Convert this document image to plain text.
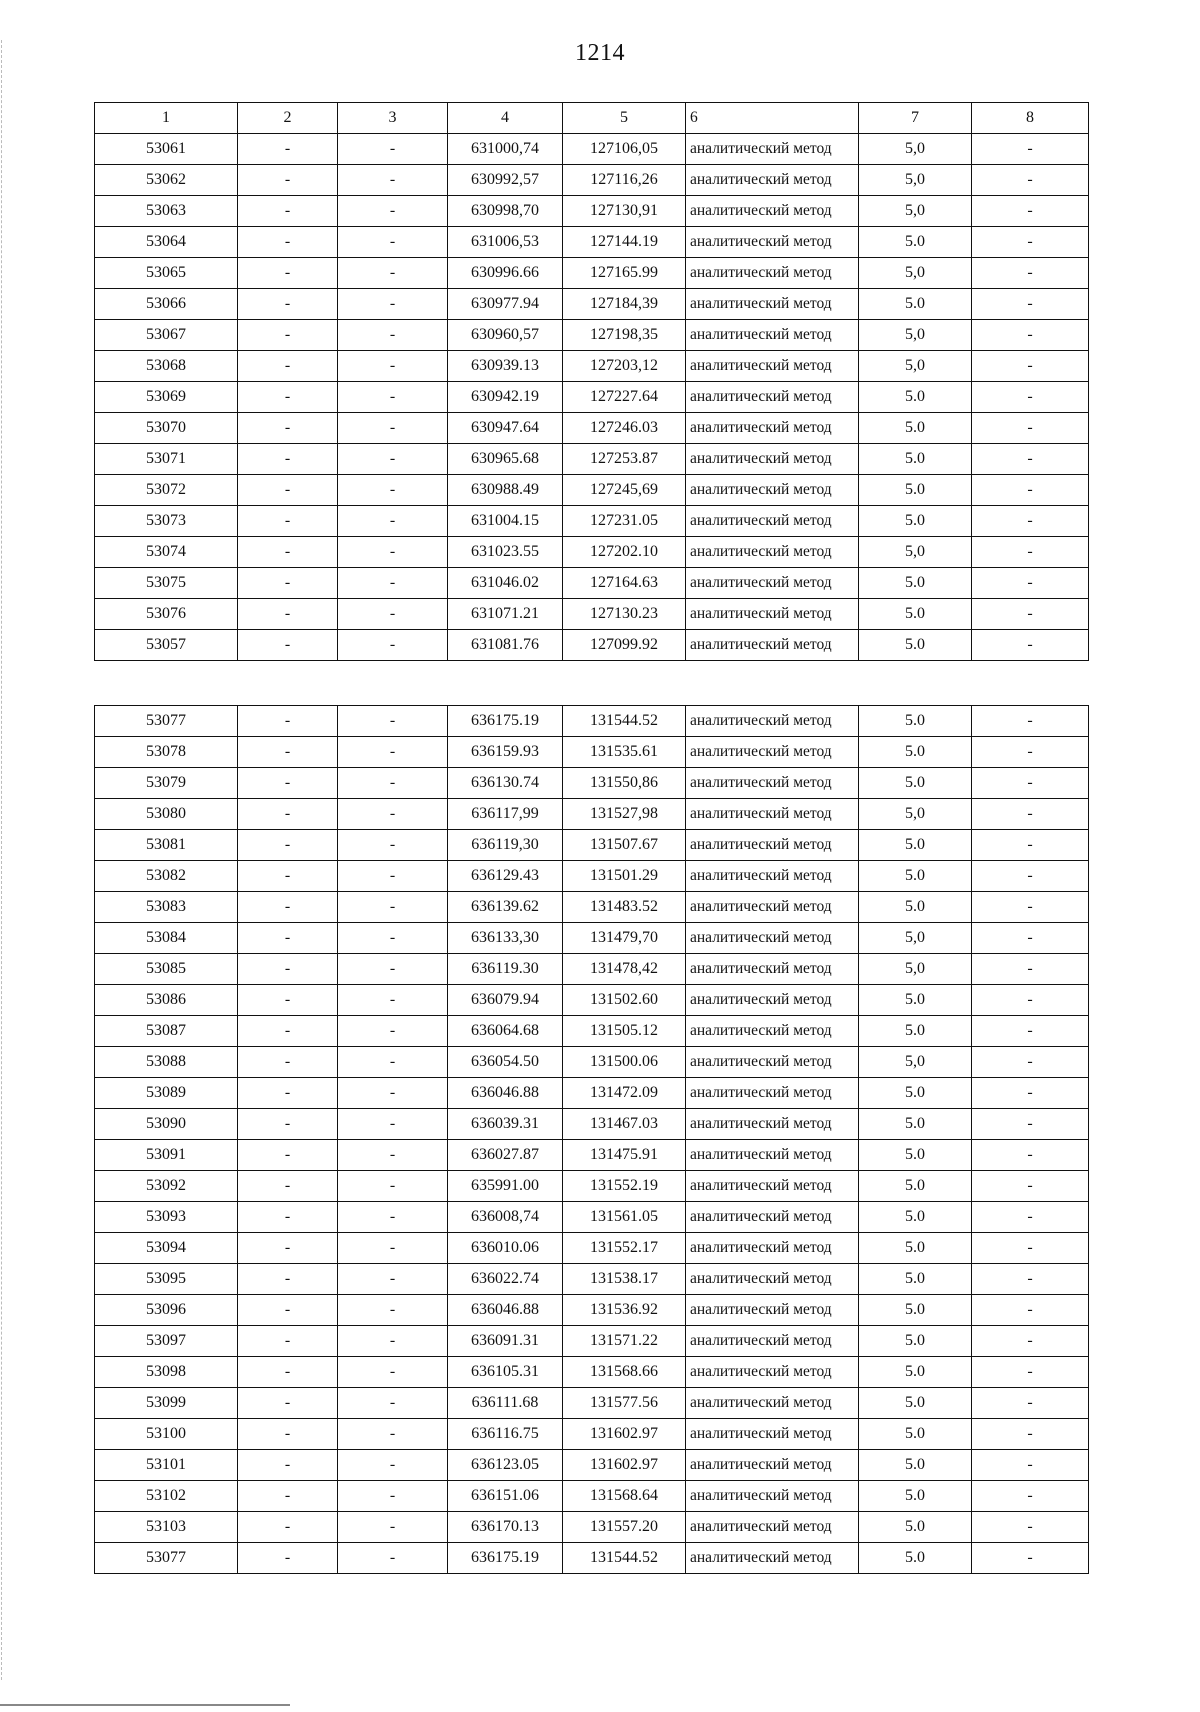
1214
1	2	3	4	5	6	7	8
53061	-	-	631000,74	127106,05	аналитический метод	5,0	-
53062	-	-	630992,57	127116,26	аналитический метод	5,0	-
53063	-	-	630998,70	127130,91	аналитический метод	5,0	-
53064	-	-	631006,53	127144.19	аналитический метод	5.0	-
53065	-	-	630996.66	127165.99	аналитический метод	5,0	-
53066	-	-	630977.94	127184,39	аналитический метод	5.0	-
53067	-	-	630960,57	127198,35	аналитический метод	5,0	-
53068	-	-	630939.13	127203,12	аналитический метод	5,0	-
53069	-	-	630942.19	127227.64	аналитический метод	5.0	-
53070	-	-	630947.64	127246.03	аналитический метод	5.0	-
53071	-	-	630965.68	127253.87	аналитический метод	5.0	-
53072	-	-	630988.49	127245,69	аналитический метод	5.0	-
53073	-	-	631004.15	127231.05	аналитический метод	5.0	-
53074	-	-	631023.55	127202.10	аналитический метод	5,0	-
53075	-	-	631046.02	127164.63	аналитический метод	5.0	-
53076	-	-	631071.21	127130.23	аналитический метод	5.0	-
53057	-	-	631081.76	127099.92	аналитический метод	5.0	-
53077	-	-	636175.19	131544.52	аналитический метод	5.0	-
53078	-	-	636159.93	131535.61	аналитический метод	5.0	-
53079	-	-	636130.74	131550,86	аналитический метод	5.0	-
53080	-	-	636117,99	131527,98	аналитический метод	5,0	-
53081	-	-	636119,30	131507.67	аналитический метод	5.0	-
53082	-	-	636129.43	131501.29	аналитический метод	5.0	-
53083	-	-	636139.62	131483.52	аналитический метод	5.0	-
53084	-	-	636133,30	131479,70	аналитический метод	5,0	-
53085	-	-	636119.30	131478,42	аналитический метод	5,0	-
53086	-	-	636079.94	131502.60	аналитический метод	5.0	-
53087	-	-	636064.68	131505.12	аналитический метод	5.0	-
53088	-	-	636054.50	131500.06	аналитический метод	5,0	-
53089	-	-	636046.88	131472.09	аналитический метод	5.0	-
53090	-	-	636039.31	131467.03	аналитический метод	5.0	-
53091	-	-	636027.87	131475.91	аналитический метод	5.0	-
53092	-	-	635991.00	131552.19	аналитический метод	5.0	-
53093	-	-	636008,74	131561.05	аналитический метод	5.0	-
53094	-	-	636010.06	131552.17	аналитический метод	5.0	-
53095	-	-	636022.74	131538.17	аналитический метод	5.0	-
53096	-	-	636046.88	131536.92	аналитический метод	5.0	-
53097	-	-	636091.31	131571.22	аналитический метод	5.0	-
53098	-	-	636105.31	131568.66	аналитический метод	5.0	-
53099	-	-	636111.68	131577.56	аналитический метод	5.0	-
53100	-	-	636116.75	131602.97	аналитический метод	5.0	-
53101	-	-	636123.05	131602.97	аналитический метод	5.0	-
53102	-	-	636151.06	131568.64	аналитический метод	5.0	-
53103	-	-	636170.13	131557.20	аналитический метод	5.0	-
53077	-	-	636175.19	131544.52	аналитический метод	5.0	-
